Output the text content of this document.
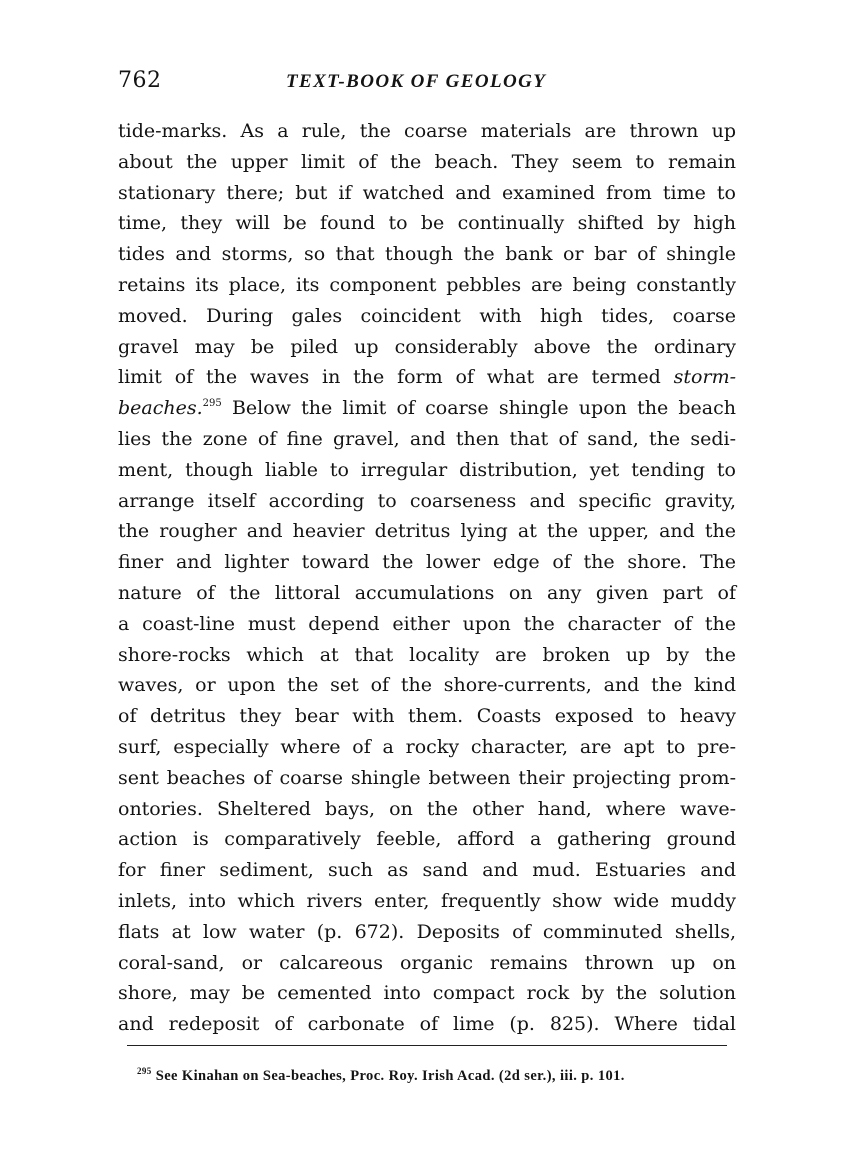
762	TEXT-BOOK OF GEOLOGY
tide-marks. As a rule, the coarse materials are thrown up
about the upper limit of the beach. They seem to remain
stationary there; but if watched and examined from time to
time, they will be found to be continually shifted by high
tides and storms, so that though the bank or bar of shingle
retains its place, its component pebbles are being constantly
moved. During gales coincident with high tides, coarse
gravel may be piled up considerably above the ordinary
limit of the waves in the form of what are termed storm-
beaches.$^{295}$ Below the limit of coarse shingle upon the beach
lies the zone of fine gravel, and then that of sand, the sedi-
ment, though liable to irregular distribution, yet tending to
arrange itself according to coarseness and specific gravity,
the rougher and heavier detritus lying at the upper, and the
finer and lighter toward the lower edge of the shore. The
nature of the littoral accumulations on any given part of
a coast-line must depend either upon the character of the
shore-rocks which at that locality are broken up by the
waves, or upon the set of the shore-currents, and the kind
of detritus they bear with them. Coasts exposed to heavy
surf, especially where of a rocky character, are apt to pre-
sent beaches of coarse shingle between their projecting prom-
ontories. Sheltered bays, on the other hand, where wave-
action is comparatively feeble, afford a gathering ground
for finer sediment, such as sand and mud. Estuaries and
inlets, into which rivers enter, frequently show wide muddy
flats at low water (p. 672). Deposits of comminuted shells,
coral-sand, or calcareous organic remains thrown up on
shore, may be cemented into compact rock by the solution
and redeposit of carbonate of lime (p. 825). Where tidal
$^{295}$ See Kinahan on Sea-beaches, Proc. Roy. Irish Acad. (2d ser.), iii. p. 101.
